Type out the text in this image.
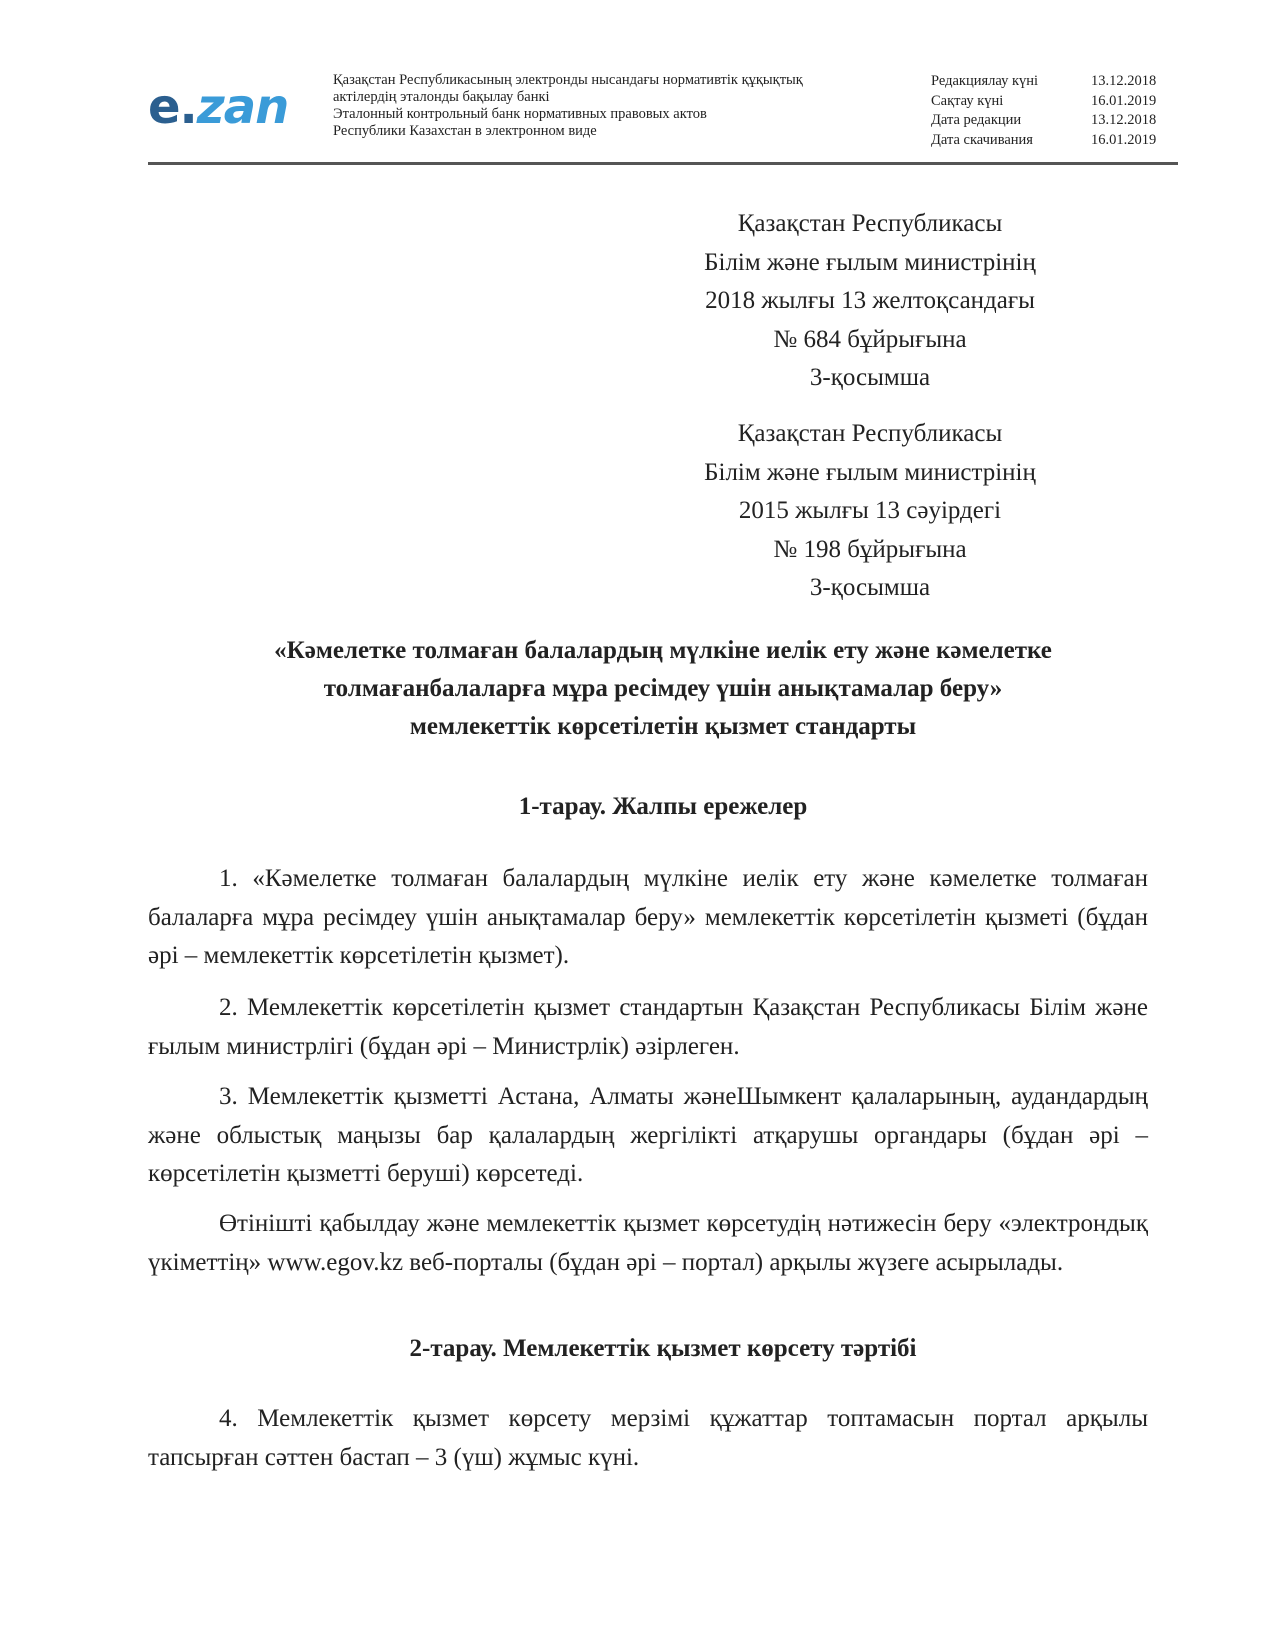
e.zan	Қазақстан Республикасының электронды нысандағы нормативтік құқықтық
актілердің эталонды бақылау банкі
Эталонный контрольный банк нормативных правовых актов
Республики Казахстан в электронном виде
Редакциялау күні	13.12.2018
Сақтау күні	16.01.2019
Дата редакции	13.12.2018
Дата скачивания	16.01.2019
Қазақстан Республикасы
Білім және ғылым министрінің
2018 жылғы 13 желтоқсандағы
№ 684 бұйрығына
3-қосымша
Қазақстан Республикасы
Білім және ғылым министрінің
2015 жылғы 13 сәуірдегі
№ 198 бұйрығына
3-қосымша
«Кәмелетке толмаған балалардың мүлкіне иелік ету және кәмелетке
толмағанбалаларға мұра ресімдеу үшін анықтамалар беру»
мемлекеттік көрсетілетін қызмет стандарты
1-тарау. Жалпы ережелер
1. «Кәмелетке толмаған балалардың мүлкіне иелік ету және кәмелетке толмаған балаларға мұра ресімдеу үшін анықтамалар беру» мемлекеттік көрсетілетін қызметі (бұдан әрі – мемлекеттік көрсетілетін қызмет).
2. Мемлекеттік көрсетілетін қызмет стандартын Қазақстан Республикасы Білім және ғылым министрлігі (бұдан әрі – Министрлік) әзірлеген.
3. Мемлекеттік қызметті Астана, Алматы жәнеШымкент қалаларының, аудандардың және облыстық маңызы бар қалалардың жергілікті атқарушы органдары (бұдан әрі – көрсетілетін қызметті беруші) көрсетеді.
Өтінішті қабылдау және мемлекеттік қызмет көрсетудің нәтижесін беру «электрондық үкіметтің» www.egov.kz веб-порталы (бұдан әрі – портал) арқылы жүзеге асырылады.
2-тарау. Мемлекеттік қызмет көрсету тәртібі
4. Мемлекеттік қызмет көрсету мерзімі құжаттар топтамасын портал арқылы тапсырған сәттен бастап – 3 (үш) жұмыс күні.
